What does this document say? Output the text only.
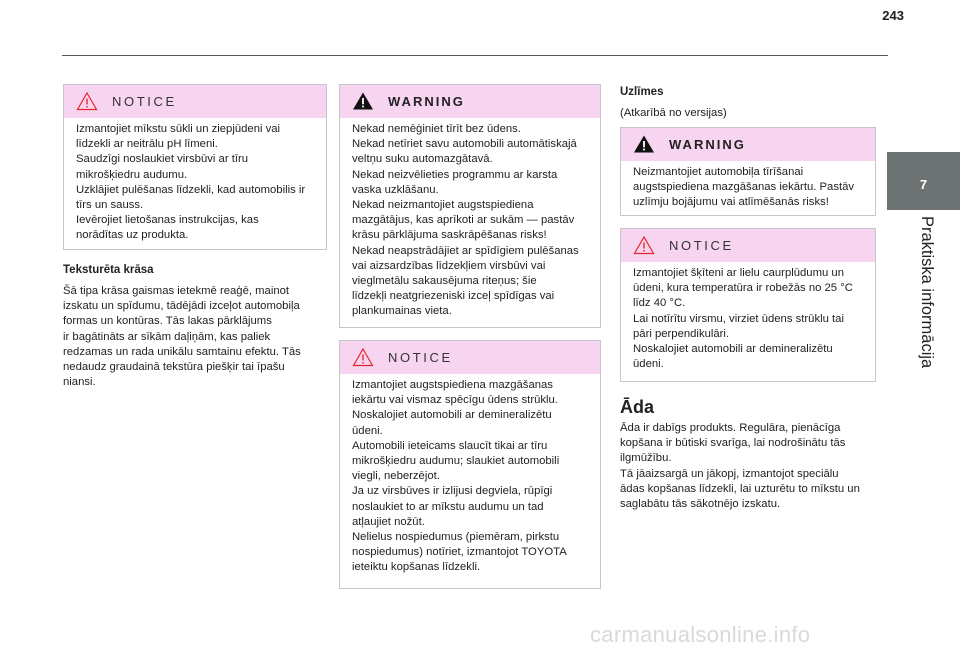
243
7
Praktiska informācija
NOTICE

Izmantojiet mīkstu sūkli un ziepjūdeni vai

līdzekli ar neitrālu pH līmeni.

Saudzīgi noslaukiet virsbūvi ar tīru

mikrošķiedru audumu.

Uzklājiet pulēšanas līdzekli, kad automobilis ir

tīrs un sauss.

Ievērojiet lietošanas instrukcijas, kas

norādītas uz produkta.

Teksturēta krāsa

Šā tipa krāsa gaismas ietekmē reaģē, mainot

izskatu un spīdumu, tādējādi izceļot automobiļa

formas un kontūras. Tās lakas pārklājums

ir bagātināts ar sīkām daļiņām, kas paliek

redzamas un rada unikālu samtainu efektu. Tās

nedaudz graudainā tekstūra piešķir tai īpašu

niansi.

WARNING

Nekad nemēģiniet tīrīt bez ūdens.

Nekad netīriet savu automobili automātiskajā

veltņu suku automazgātavā.

Nekad neizvēlieties programmu ar karsta

vaska uzklāšanu.

Nekad neizmantojiet augstspiediena

mazgātājus, kas aprīkoti ar sukām — pastāv

krāsu pārklājuma saskrāpēšanas risks!

Nekad neapstrādājiet ar spīdīgiem pulēšanas

vai aizsardzības līdzekļiem virsbūvi vai

vieglmetālu sakausējuma riteņus; šie

līdzekļi neatgriezeniski izceļ spīdīgas vai

plankumainas vieta.

NOTICE

Izmantojiet augstspiediena mazgāšanas

iekārtu vai vismaz spēcīgu ūdens strūklu.

Noskalojiet automobili ar demineralizētu

ūdeni.

Automobili ieteicams slaucīt tikai ar tīru

mikrošķiedru audumu; slaukiet automobili

viegli, neberzējot.

Ja uz virsbūves ir izlijusi degviela, rūpīgi

noslaukiet to ar mīkstu audumu un tad

atļaujiet nožūt.

Nelielus nospiedumus (piemēram, pirkstu

nospiedumus) notīriet, izmantojot TOYOTA

ieteiktu kopšanas līdzekli.

Uzlīmes
(Atkarībā no versijas)
WARNING

Neizmantojiet automobiļa tīrīšanai

augstspiediena mazgāšanas iekārtu. Pastāv

uzlīmju bojājumu vai atlīmēšanās risks!

NOTICE

Izmantojiet šķīteni ar lielu caurplūdumu un

ūdeni, kura temperatūra ir robežās no 25 °C

līdz 40 °C.

Lai notīrītu virsmu, virziet ūdens strūklu tai

pāri perpendikulāri.

Noskalojiet automobili ar demineralizētu

ūdeni.

Āda

Āda ir dabīgs produkts. Regulāra, pienācīga

kopšana ir būtiski svarīga, lai nodrošinātu tās

ilgmūžību.

Tā jāaizsargā un jākopj, izmantojot speciālu

ādas kopšanas līdzekli, lai uzturētu to mīkstu un

saglabātu tās sākotnējo izskatu.

carmanualsonline.info
